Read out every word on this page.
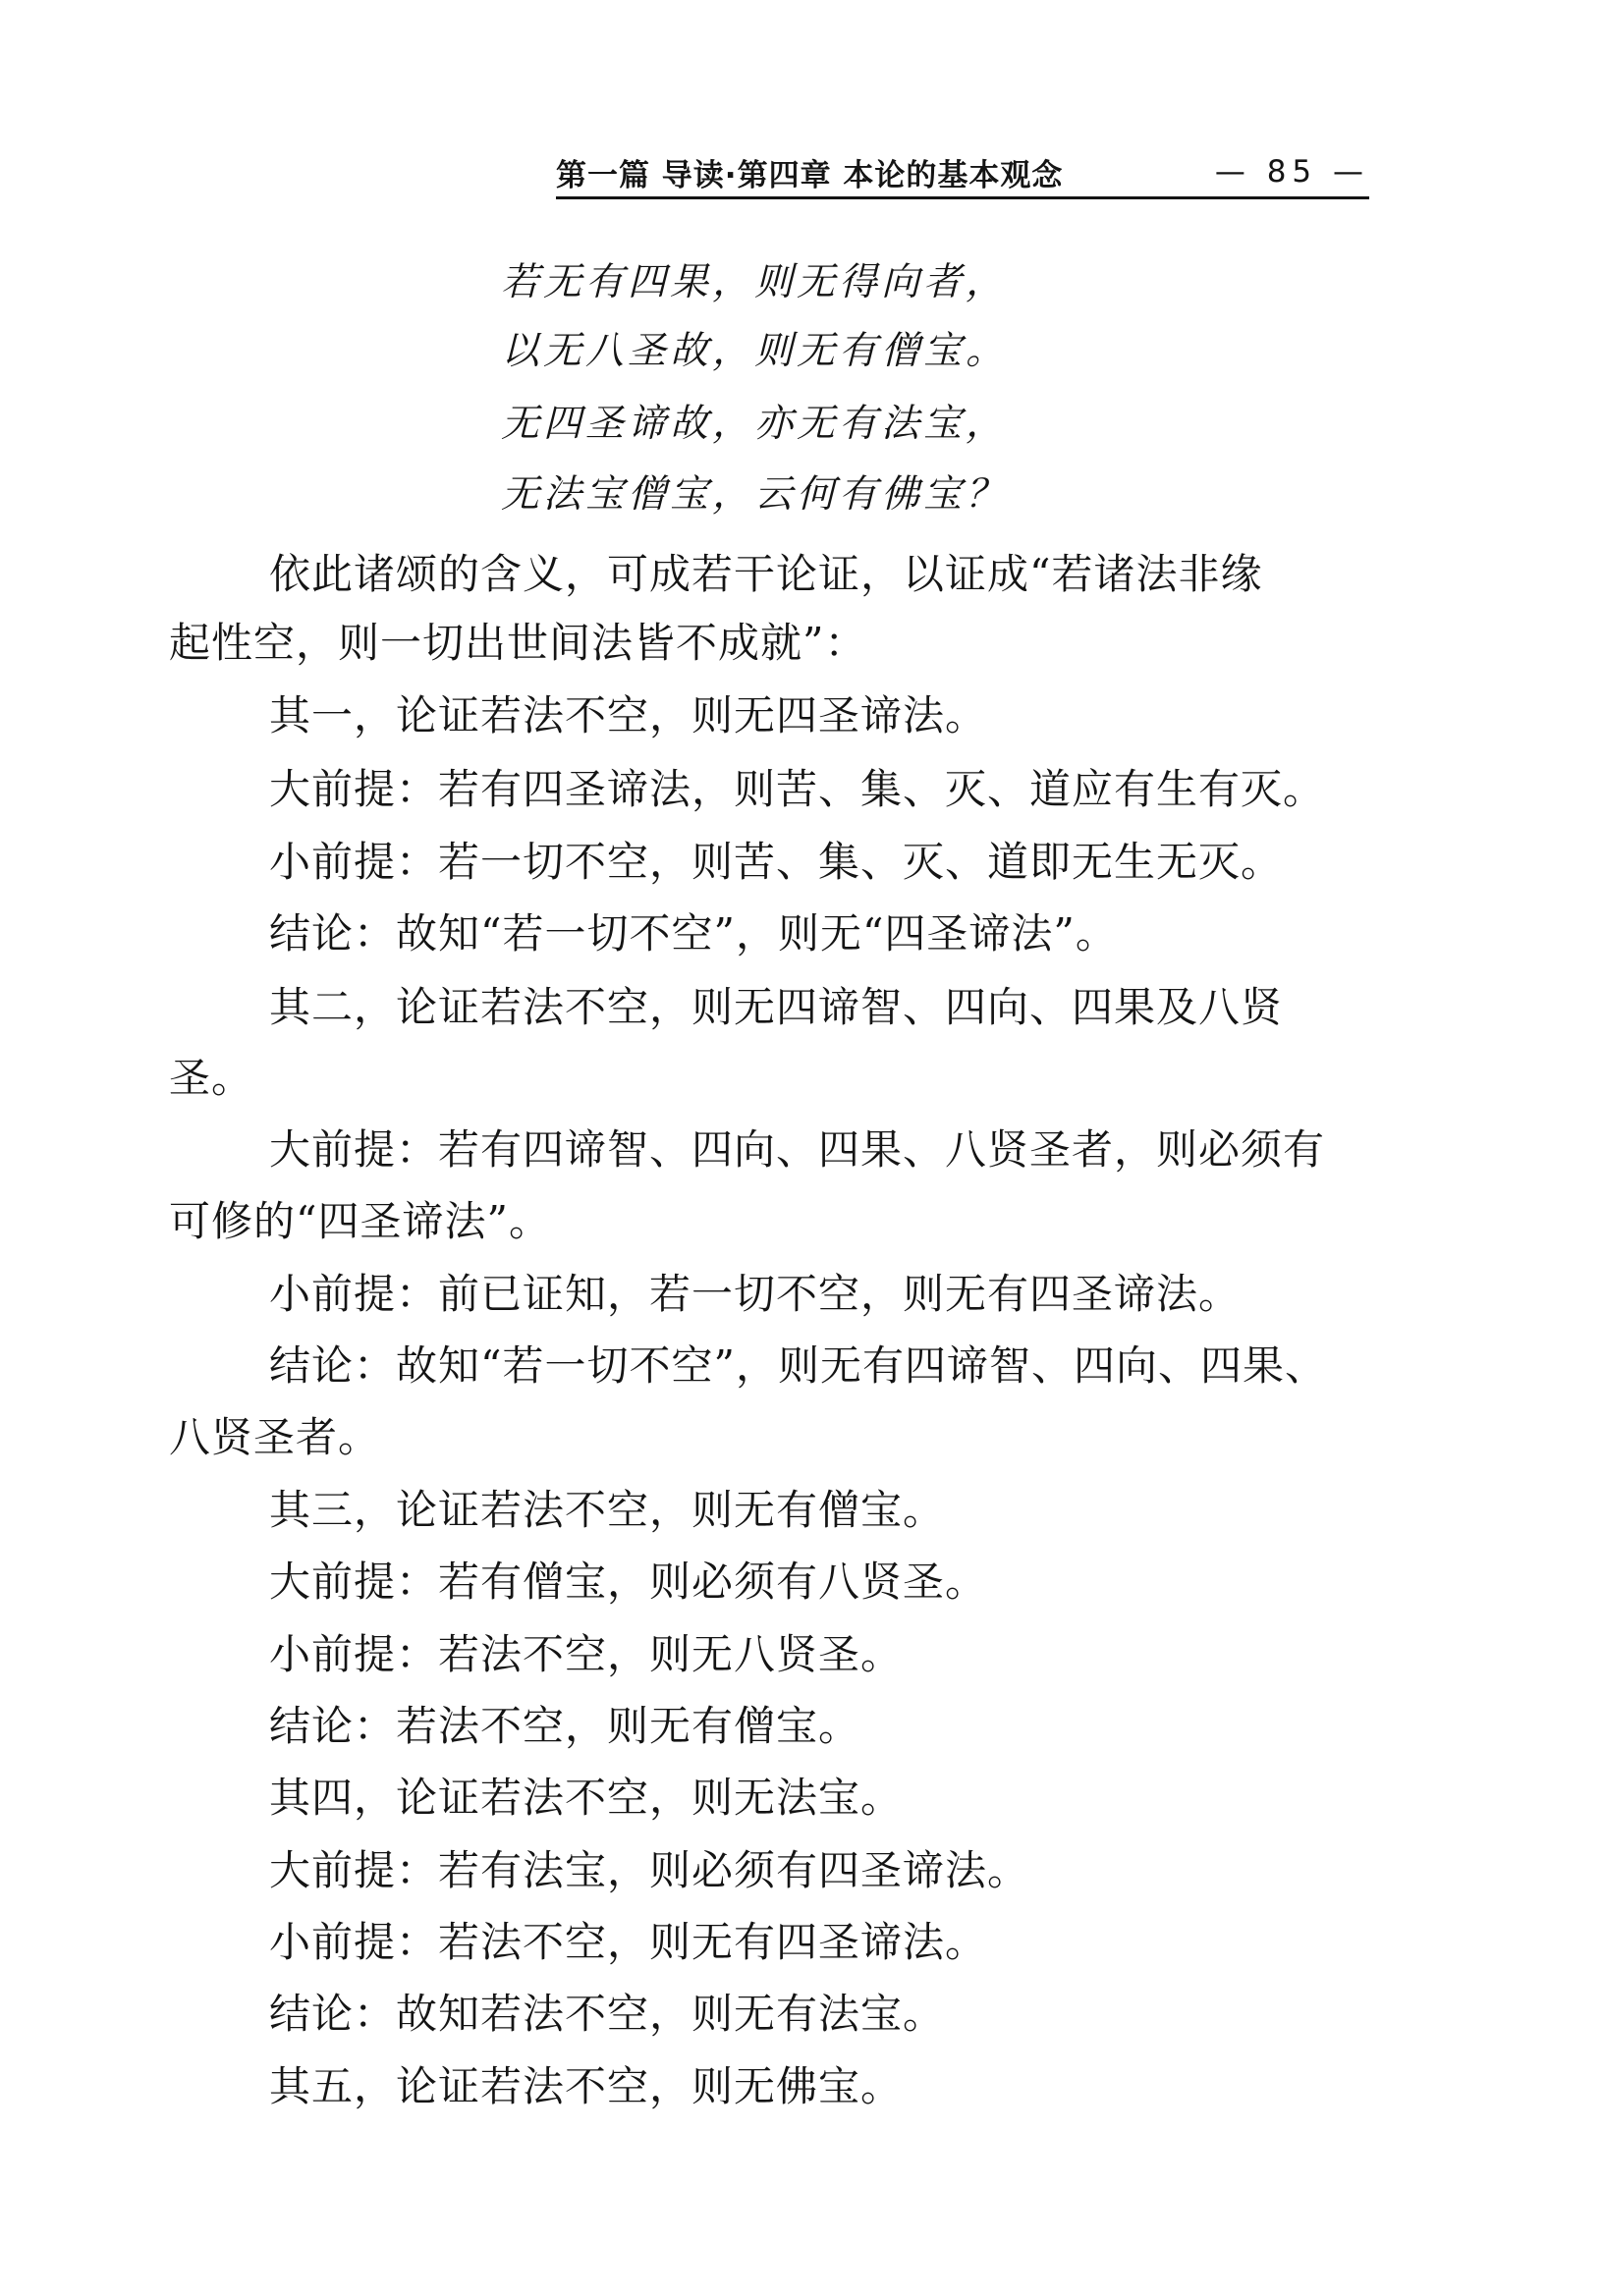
第一篇 导读·第四章 本论的基本观念	— 85 —
若无有四果，则无得向者，
以无八圣故，则无有僧宝。
无四圣谛故，亦无有法宝，
无法宝僧宝，云何有佛宝？
依此诸颂的含义，可成若干论证，以证成“若诸法非缘
起性空，则一切出世间法皆不成就”：
其一，论证若法不空，则无四圣谛法。
大前提：若有四圣谛法，则苦、集、灭、道应有生有灭。
小前提：若一切不空，则苦、集、灭、道即无生无灭。
结论：故知“若一切不空”，则无“四圣谛法”。
其二，论证若法不空，则无四谛智、四向、四果及八贤
圣。
大前提：若有四谛智、四向、四果、八贤圣者，则必须有
可修的“四圣谛法”。
小前提：前已证知，若一切不空，则无有四圣谛法。
结论：故知“若一切不空”，则无有四谛智、四向、四果、
八贤圣者。
其三，论证若法不空，则无有僧宝。
大前提：若有僧宝，则必须有八贤圣。
小前提：若法不空，则无八贤圣。
结论：若法不空，则无有僧宝。
其四，论证若法不空，则无法宝。
大前提：若有法宝，则必须有四圣谛法。
小前提：若法不空，则无有四圣谛法。
结论：故知若法不空，则无有法宝。
其五，论证若法不空，则无佛宝。
